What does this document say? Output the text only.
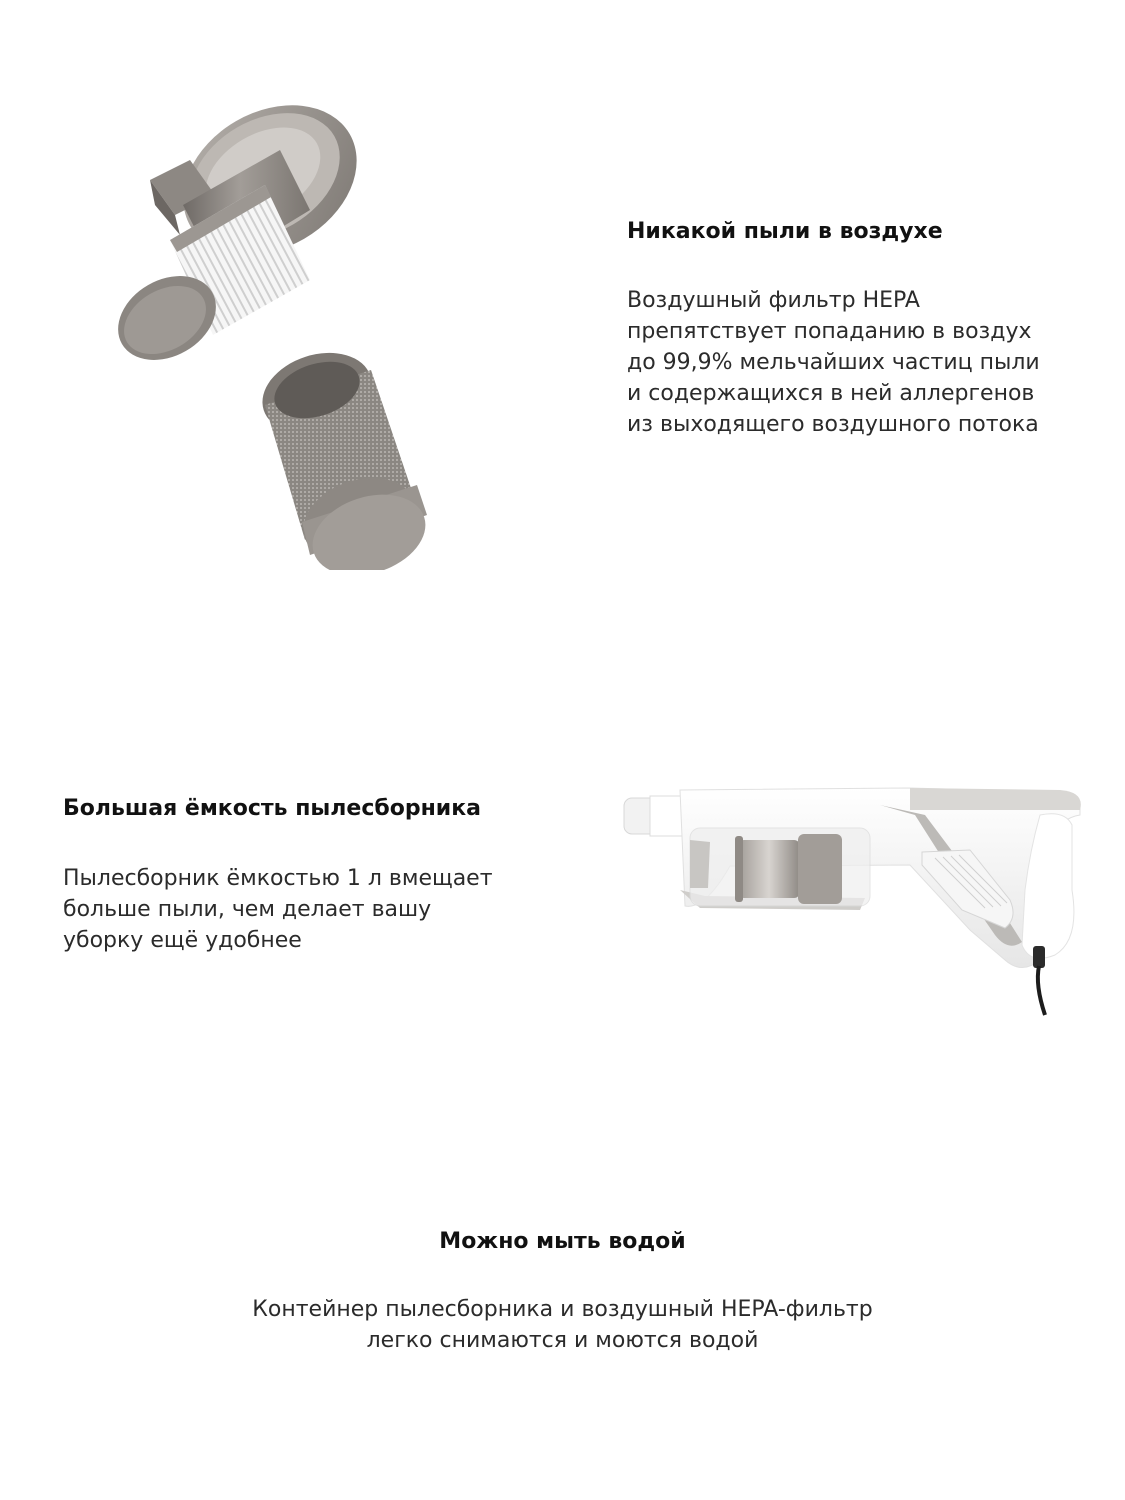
Никакой пыли в воздухе

Воздушный фильтр HEPA
препятствует попаданию в воздух
до 99,9% мельчайших частиц пыли
и содержащихся в ней аллергенов
из выходящего воздушного потока

Большая ёмкость пылесборника

Пылесборник ёмкостью 1 л вмещает
больше пыли, чем делает вашу
уборку ещё удобнее

Можно мыть водой

Контейнер пылесборника и воздушный HEPA-фильтр
легко снимаются и моются водой
